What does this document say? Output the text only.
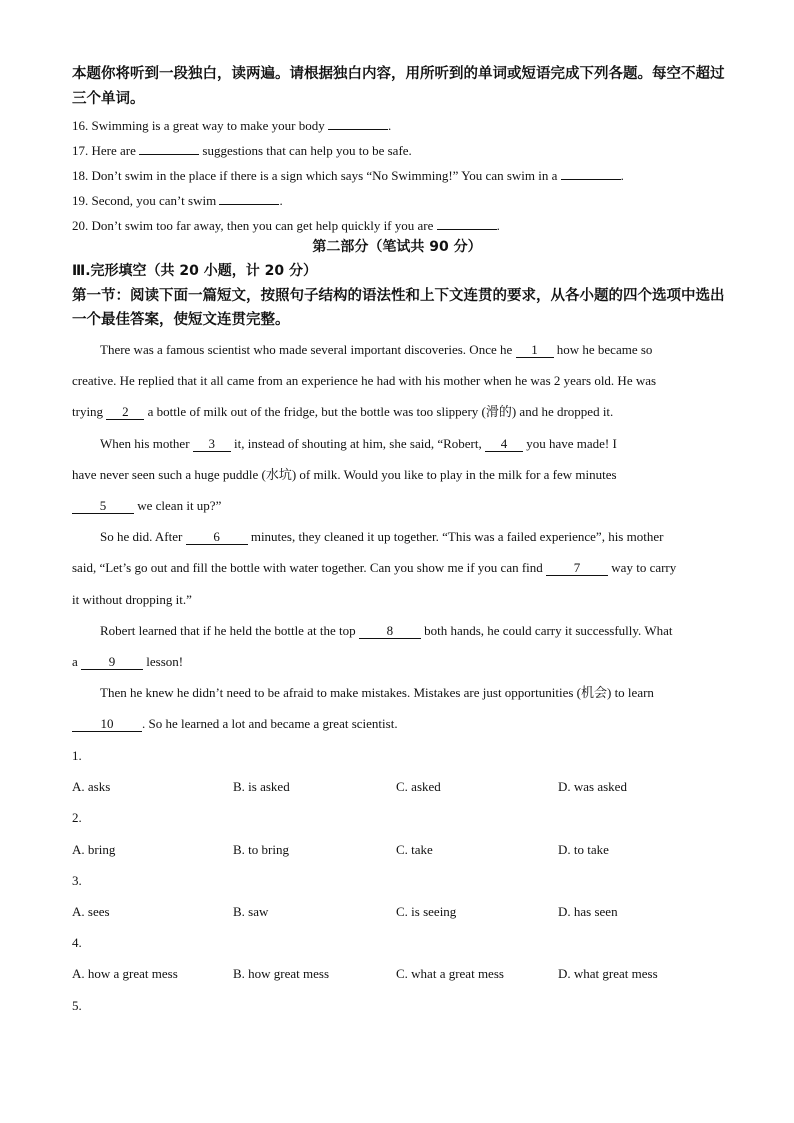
本题你将听到一段独白，读两遍。请根据独白内容，用所听到的单词或短语完成下列各题。每空不超过三个单词。
16. Swimming is a great way to make your body	.
17. Here are	suggestions that can help you to be safe.
18. Don’t swim in the place if there is a sign which says “No Swimming!” You can swim in a	.
19. Second, you can’t swim	.
20. Don’t swim too far away, then you can get help quickly if you are	.
第二部分（笔试共 90 分）
Ⅲ.完形填空（共 20 小题，计 20 分）
第一节：阅读下面一篇短文，按照句子结构的语法性和上下文连贯的要求，从各小题的四个选项中选出一个最佳答案，使短文连贯完整。
There was a famous scientist who made several important discoveries. Once he 1 how he became so
creative. He replied that it all came from an experience he had with his mother when he was 2 years old. He was
trying 2 a bottle of milk out of the fridge, but the bottle was too slippery (滑的) and he dropped it.
When his mother 3 it, instead of shouting at him, she said, “Robert, 4 you have made! I
have never seen such a huge puddle (水坑) of milk. Would you like to play in the milk for a few minutes
5 we clean it up?”
So he did. After 6 minutes, they cleaned it up together. “This was a failed experience”, his mother
said, “Let’s go out and fill the bottle with water together. Can you show me if you can find 7 way to carry
it without dropping it.”
Robert learned that if he held the bottle at the top 8 both hands, he could carry it successfully. What
a 9 lesson!
Then he knew he didn’t need to be afraid to make mistakes. Mistakes are just opportunities (机会) to learn
10 . So he learned a lot and became a great scientist.
1.
A. asks	B. is asked	C. asked	D. was asked
2.
A. bring	B. to bring	C. take	D. to take
3.
A. sees	B. saw	C. is seeing	D. has seen
4.
A. how a great mess	B. how great mess	C. what a great mess	D. what great mess
5.
